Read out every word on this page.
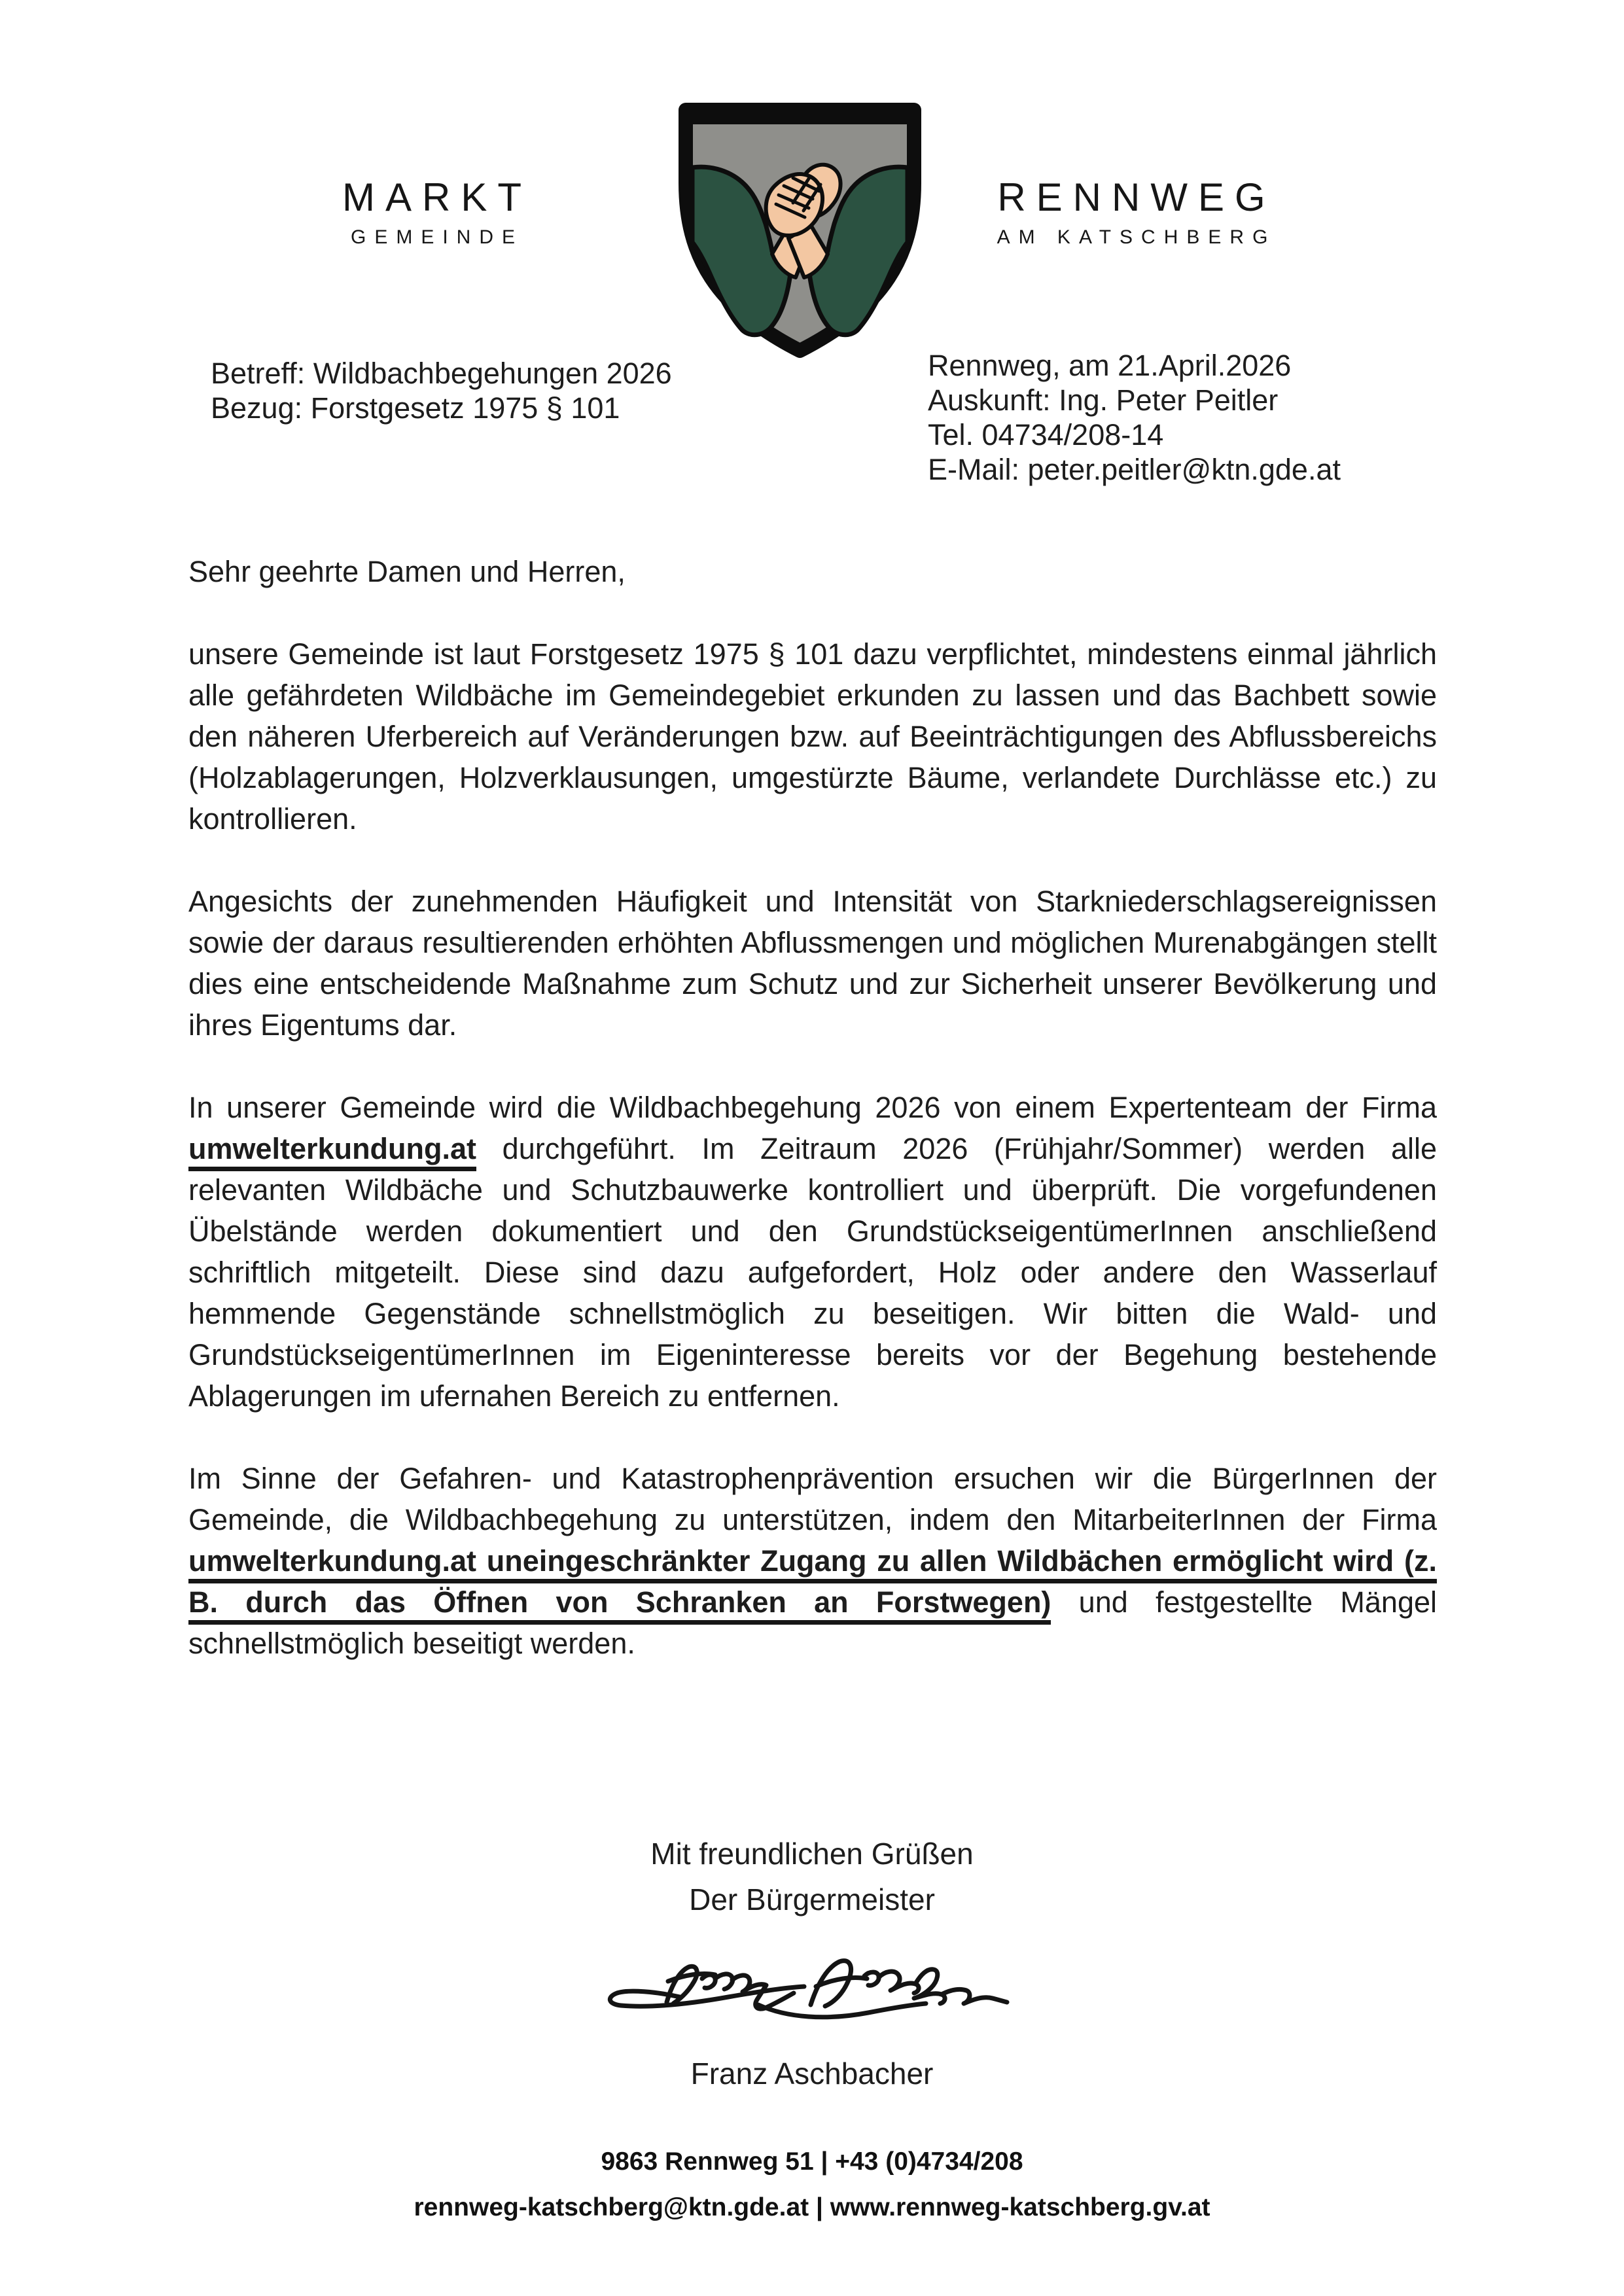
MARKT
GEMEINDE
RENNWEG
AM KATSCHBERG
Betreff: Wildbachbegehungen 2026
Bezug: Forstgesetz 1975 § 101
Rennweg, am 21.April.2026
Auskunft: Ing. Peter Peitler
Tel. 04734/208-14
E-Mail: peter.peitler@ktn.gde.at

Sehr geehrte Damen und Herren,

unsere Gemeinde ist laut Forstgesetz 1975 § 101 dazu verpflichtet, mindestens einmal jährlich alle gefährdeten Wildbäche im Gemeindegebiet erkunden zu lassen und das Bachbett sowie den näheren Uferbereich auf Veränderungen bzw. auf Beeinträchtigungen des Abflussbereichs (Holzablagerungen, Holzverklausungen, umgestürzte Bäume, verlandete Durchlässe etc.) zu kontrollieren.

Angesichts der zunehmenden Häufigkeit und Intensität von Starkniederschlagsereignissen sowie der daraus resultierenden erhöhten Abflussmengen und möglichen Murenabgängen stellt dies eine entscheidende Maßnahme zum Schutz und zur Sicherheit unserer Bevölkerung und ihres Eigentums dar.

In unserer Gemeinde wird die Wildbachbegehung 2026 von einem Expertenteam der Firma umwelterkundung.at durchgeführt. Im Zeitraum 2026 (Frühjahr/Sommer) werden alle relevanten Wildbäche und Schutzbauwerke kontrolliert und überprüft. Die vorgefundenen Übelstände werden dokumentiert und den GrundstückseigentümerInnen anschließend schriftlich mitgeteilt. Diese sind dazu aufgefordert, Holz oder andere den Wasserlauf hemmende Gegenstände schnellstmöglich zu beseitigen. Wir bitten die Wald- und GrundstückseigentümerInnen im Eigeninteresse bereits vor der Begehung bestehende Ablagerungen im ufernahen Bereich zu entfernen.

Im Sinne der Gefahren- und Katastrophenprävention ersuchen wir die BürgerInnen der Gemeinde, die Wildbachbegehung zu unterstützen, indem den MitarbeiterInnen der Firma umwelterkundung.at uneingeschränkter Zugang zu allen Wildbächen ermöglicht wird (z. B. durch das Öffnen von Schranken an Forstwegen) und festgestellte Mängel schnellstmöglich beseitigt werden.

Mit freundlichen Grüßen
Der Bürgermeister
Franz Aschbacher
9863 Rennweg 51 | +43 (0)4734/208
rennweg-katschberg@ktn.gde.at | www.rennweg-katschberg.gv.at
